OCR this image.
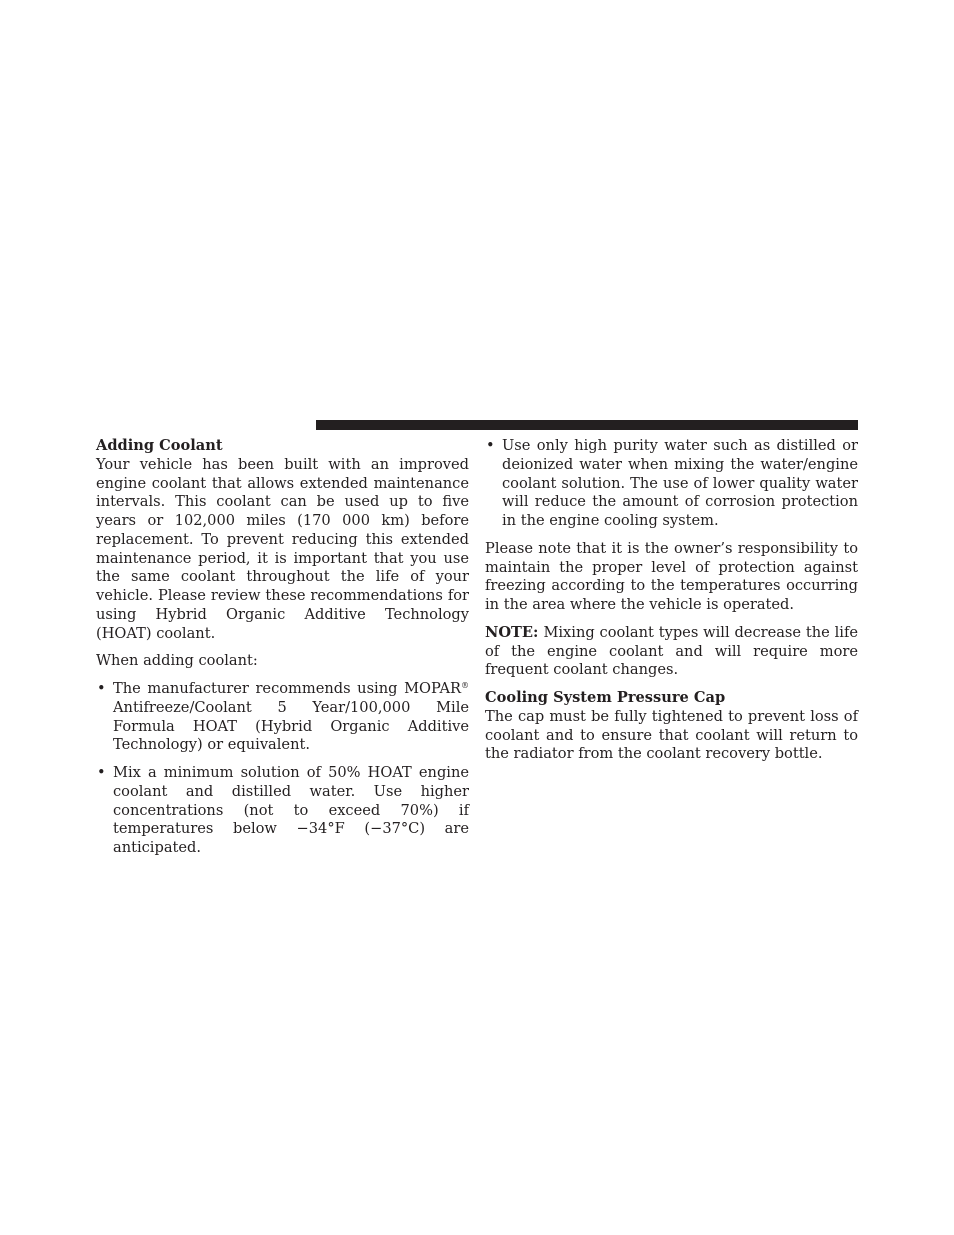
Adding Coolant

Your vehicle has been built with an improved engine coolant that allows extended maintenance intervals. This coolant can be used up to five years or 102,000 miles (170 000 km) before replacement. To prevent reducing this extended maintenance period, it is important that you use the same coolant throughout the life of your vehicle. Please review these recommendations for using Hybrid Organic Additive Technology (HOAT) coolant.

When adding coolant:

• The manufacturer recommends using MOPAR® Antifreeze/Coolant 5 Year/100,000 Mile Formula HOAT (Hybrid Organic Additive Technology) or equivalent.
• Mix a minimum solution of 50% HOAT engine coolant and distilled water. Use higher concentrations (not to exceed 70%) if temperatures below −34°F (−37°C) are anticipated.
• Use only high purity water such as distilled or deionized water when mixing the water/engine coolant solution. The use of lower quality water will reduce the amount of corrosion protection in the engine cooling system.

Please note that it is the owner’s responsibility to maintain the proper level of protection against freezing according to the temperatures occurring in the area where the vehicle is operated.

NOTE: Mixing coolant types will decrease the life of the engine coolant and will require more frequent coolant changes.

Cooling System Pressure Cap

The cap must be fully tightened to prevent loss of coolant and to ensure that coolant will return to the radiator from the coolant recovery bottle.
